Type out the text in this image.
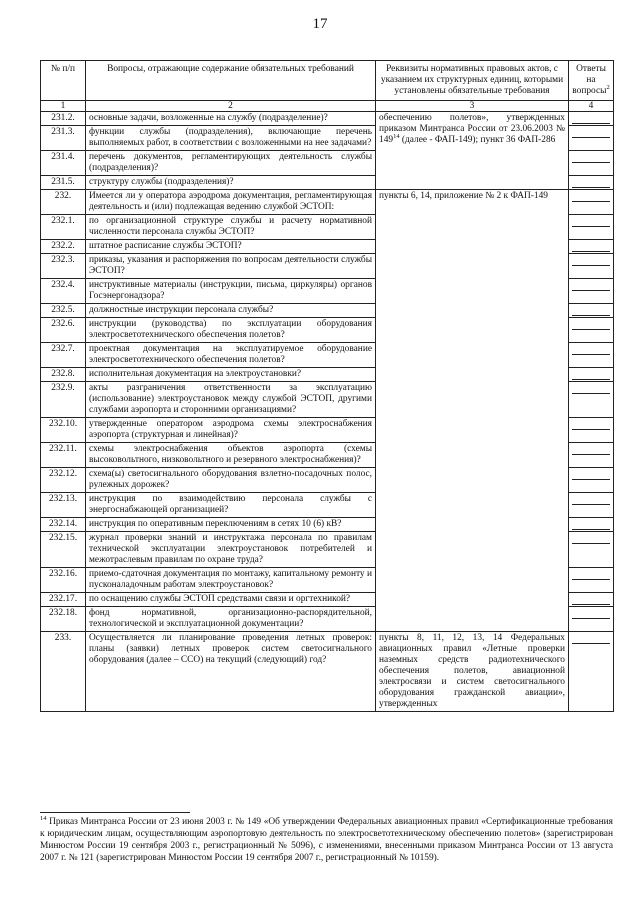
17
№ п/п	Вопросы, отражающие содержание обязательных требований	Реквизиты нормативных правовых актов, с указанием их структурных единиц, которыми установлены обязательные требования	Ответы на вопросы$^2$
1	2	3	4
231.2.	основные задачи, возложенные на службу (подразделение)?	обеспечению полетов», утвержденных приказом Минтранса России от 23.06.2003 № $149^{14}$ (далее - ФАП-149); пункт 36 ФАП-286	

231.3.	функции службы (подразделения), включающие перечень выполняемых работ, в соответствии с возложенными на нее задачами?		

231.4.	перечень документов, регламентирующих деятельность службы (подразделения)?		

231.5.	структуру службы (подразделения)?		

232.	Имеется ли у оператора аэродрома документация, регламентирующая деятельность и (или) подлежащая ведению службой ЭСТОП:	пункты 6, 14, приложение № 2 к ФАП-149	

232.1.	по организационной структуре службы и расчету нормативной численности персонала службы ЭСТОП?		

232.2.	штатное расписание службы ЭСТОП?		

232.3.	приказы, указания и распоряжения по вопросам деятельности службы ЭСТОП?		

232.4.	инструктивные материалы (инструкции, письма, циркуляры) органов Госэнергонадзора?		

232.5.	должностные инструкции персонала службы?		

232.6.	инструкции (руководства) по эксплуатации оборудования электросветотехнического обеспечения полетов?		

232.7.	проектная документация на эксплуатируемое оборудование электросветотехнического обеспечения полетов?		

232.8.	исполнительная документация на электроустановки?		

232.9.	акты разграничения ответственности за эксплуатацию (использование) электроустановок между службой ЭСТОП, другими службами аэропорта и сторонними организациями?		

232.10.	утвержденные оператором аэродрома схемы электроснабжения аэропорта (структурная и линейная)?		

232.11.	схемы электроснабжения объектов аэропорта (схемы высоковольтного, низковольтного и резервного электроснабжения)?		

232.12.	схема(ы) светосигнального оборудования взлетно-посадочных полос, рулежных дорожек?		

232.13.	инструкция по взаимодействию персонала службы с энергоснабжающей организацией?		

232.14.	инструкция по оперативным переключениям в сетях 10 (6) кВ?		

232.15.	журнал проверки знаний и инструктажа персонала по правилам технической эксплуатации электроустановок потребителей и межотраслевым правилам по охране труда?		

232.16.	приемо-сдаточная документация по монтажу, капитальному ремонту и пусконаладочным работам электроустановок?		

232.17.	по оснащению службы ЭСТОП средствами связи и оргтехникой?		

232.18.	фонд нормативной, организационно-распорядительной, технологической и эксплуатационной документации?		

233.	Осуществляется ли планирование проведения летных проверок: планы (заявки) летных проверок систем светосигнального оборудования (далее – ССО) на текущий (следующий) год?	пункты 8, 11, 12, 13, 14 Федеральных авиационных правил «Летные проверки наземных средств радиотехнического обеспечения полетов, авиационной электросвязи и систем светосигнального оборудования гражданской авиации», утвержденных	
$^{14}$ Приказ Минтранса России от 23 июня 2003 г. № 149 «Об утверждении Федеральных авиационных правил «Сертификационные требования к юридическим лицам, осуществляющим аэропортовую деятельность по электросветотехническому обеспечению полетов» (зарегистрирован Минюстом России 19 сентября 2003 г., регистрационный № 5096), с изменениями, внесенными приказом Минтранса России от 13 августа 2007 г. № 121 (зарегистрирован Минюстом России 19 сентября 2007 г., регистрационный № 10159).
